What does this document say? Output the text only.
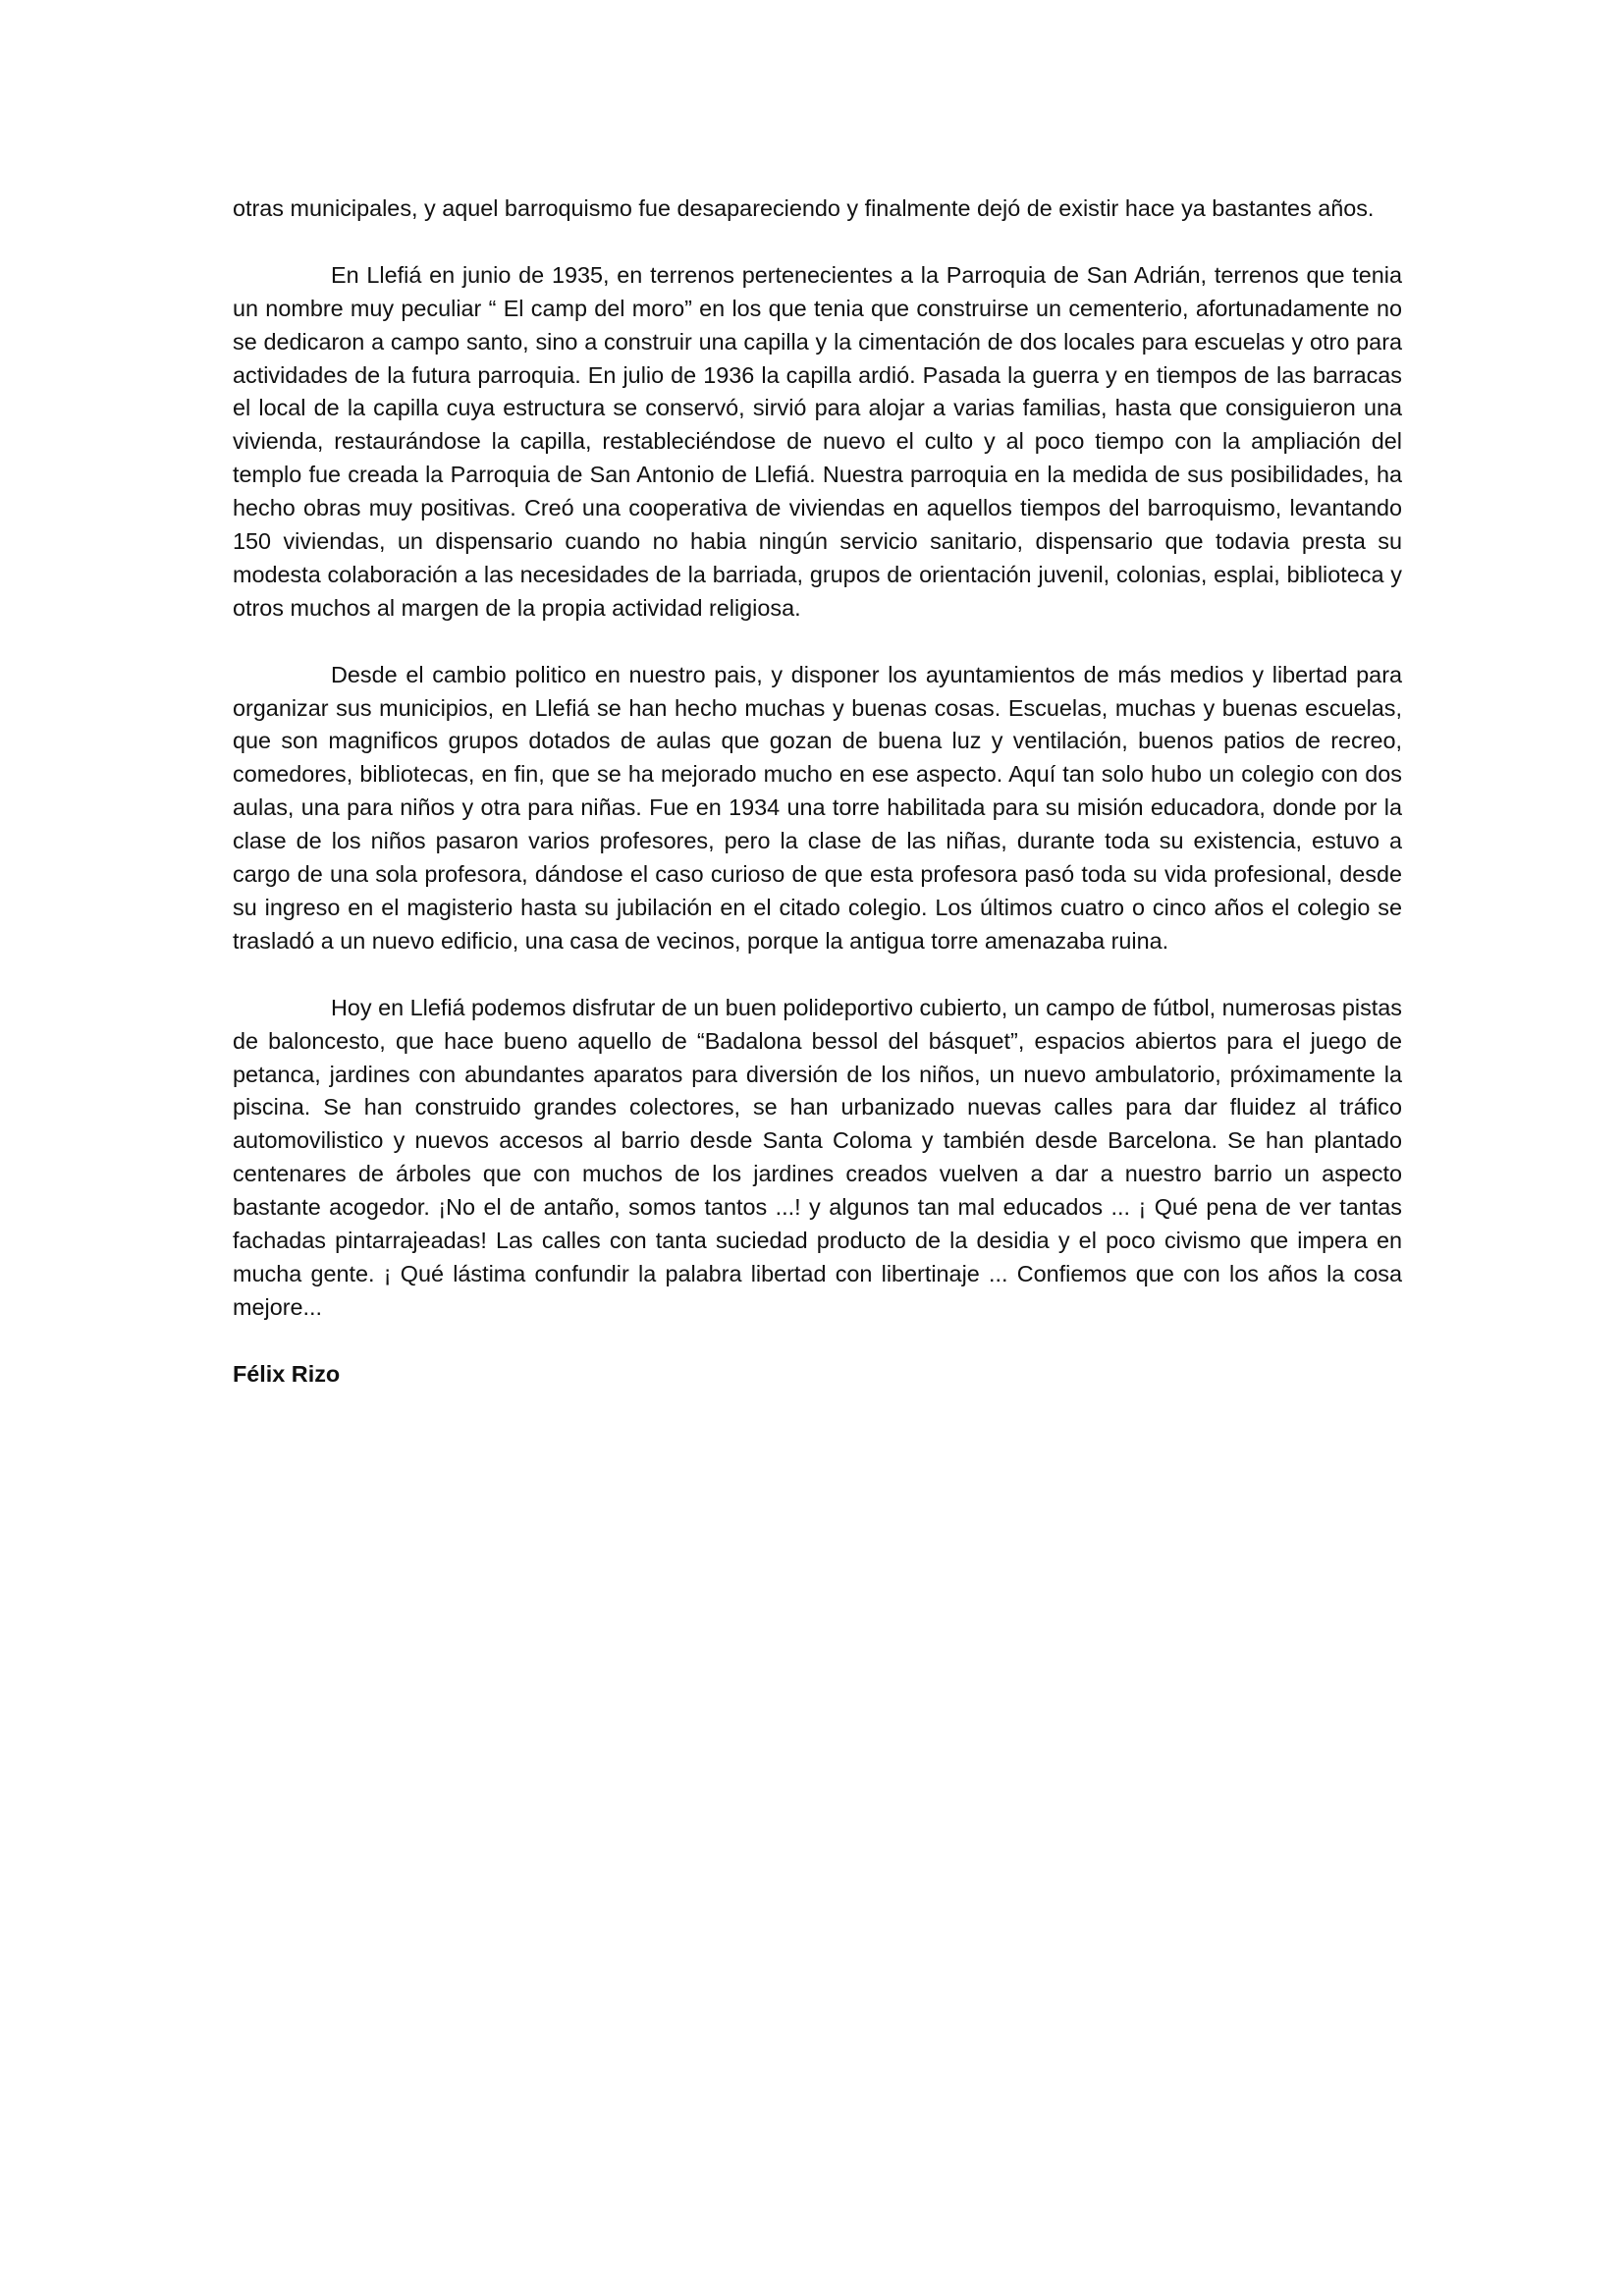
otras municipales, y aquel barroquismo fue desapareciendo y finalmente dejó de existir hace ya bastantes años.

En Llefiá en junio de 1935, en terrenos pertenecientes a la Parroquia de San Adrián, terrenos que tenia un nombre muy peculiar “ El camp del moro” en los que tenia que construirse un cementerio, afortunadamente no se dedicaron a campo santo, sino a construir una capilla y la cimentación de dos locales para escuelas y otro para actividades de la futura parroquia. En julio de 1936 la capilla ardió. Pasada la guerra y en tiempos de las barracas el local de la capilla cuya estructura se conservó, sirvió para alojar a varias familias, hasta que consiguieron una vivienda, restaurándose la capilla, restableciéndose de nuevo el culto y al poco tiempo con la ampliación del templo fue creada la Parroquia de San Antonio de Llefiá. Nuestra parroquia en la medida de sus posibilidades, ha hecho obras muy positivas. Creó una cooperativa de viviendas en aquellos tiempos del barroquismo, levantando 150 viviendas, un dispensario cuando no habia ningún servicio sanitario, dispensario que todavia presta su modesta colaboración a las necesidades de la barriada, grupos de orientación juvenil, colonias, esplai, biblioteca y otros muchos al margen de la propia actividad religiosa.

Desde el cambio politico en nuestro pais, y disponer los ayuntamientos de más medios y libertad para organizar sus municipios, en Llefiá se han hecho muchas y buenas cosas. Escuelas, muchas y buenas escuelas, que son magnificos grupos dotados de aulas que gozan de buena luz y ventilación, buenos patios de recreo, comedores, bibliotecas, en fin, que se ha mejorado mucho en ese aspecto. Aquí tan solo hubo un colegio con dos aulas, una para niños y otra para niñas. Fue en 1934 una torre habilitada para su misión educadora, donde por la clase de los niños pasaron varios profesores, pero la clase de las niñas, durante toda su existencia, estuvo a cargo de una sola profesora, dándose el caso curioso de que esta profesora pasó toda su vida profesional, desde su ingreso en el magisterio hasta su jubilación en el citado colegio. Los últimos cuatro o cinco años el colegio se trasladó a un nuevo edificio, una casa de vecinos, porque la antigua torre amenazaba ruina.

Hoy en Llefiá podemos disfrutar de un buen polideportivo cubierto, un campo de fútbol, numerosas pistas de baloncesto, que hace bueno aquello de “Badalona bessol del básquet”, espacios abiertos para el juego de petanca, jardines con abundantes aparatos para diversión de los niños, un nuevo ambulatorio, próximamente la piscina. Se han construido grandes colectores, se han urbanizado nuevas calles para dar fluidez al tráfico automovilistico y nuevos accesos al barrio desde Santa Coloma y también desde Barcelona. Se han plantado centenares de árboles que con muchos de los jardines creados vuelven a dar a nuestro barrio un aspecto bastante acogedor. ¡No el de antaño, somos tantos ...! y algunos tan mal educados ... ¡ Qué pena de ver tantas fachadas pintarrajeadas! Las calles con tanta suciedad producto de la desidia y el poco civismo que impera en mucha gente. ¡ Qué lástima confundir la palabra libertad con libertinaje ... Confiemos que con los años la cosa mejore...

Félix Rizo
